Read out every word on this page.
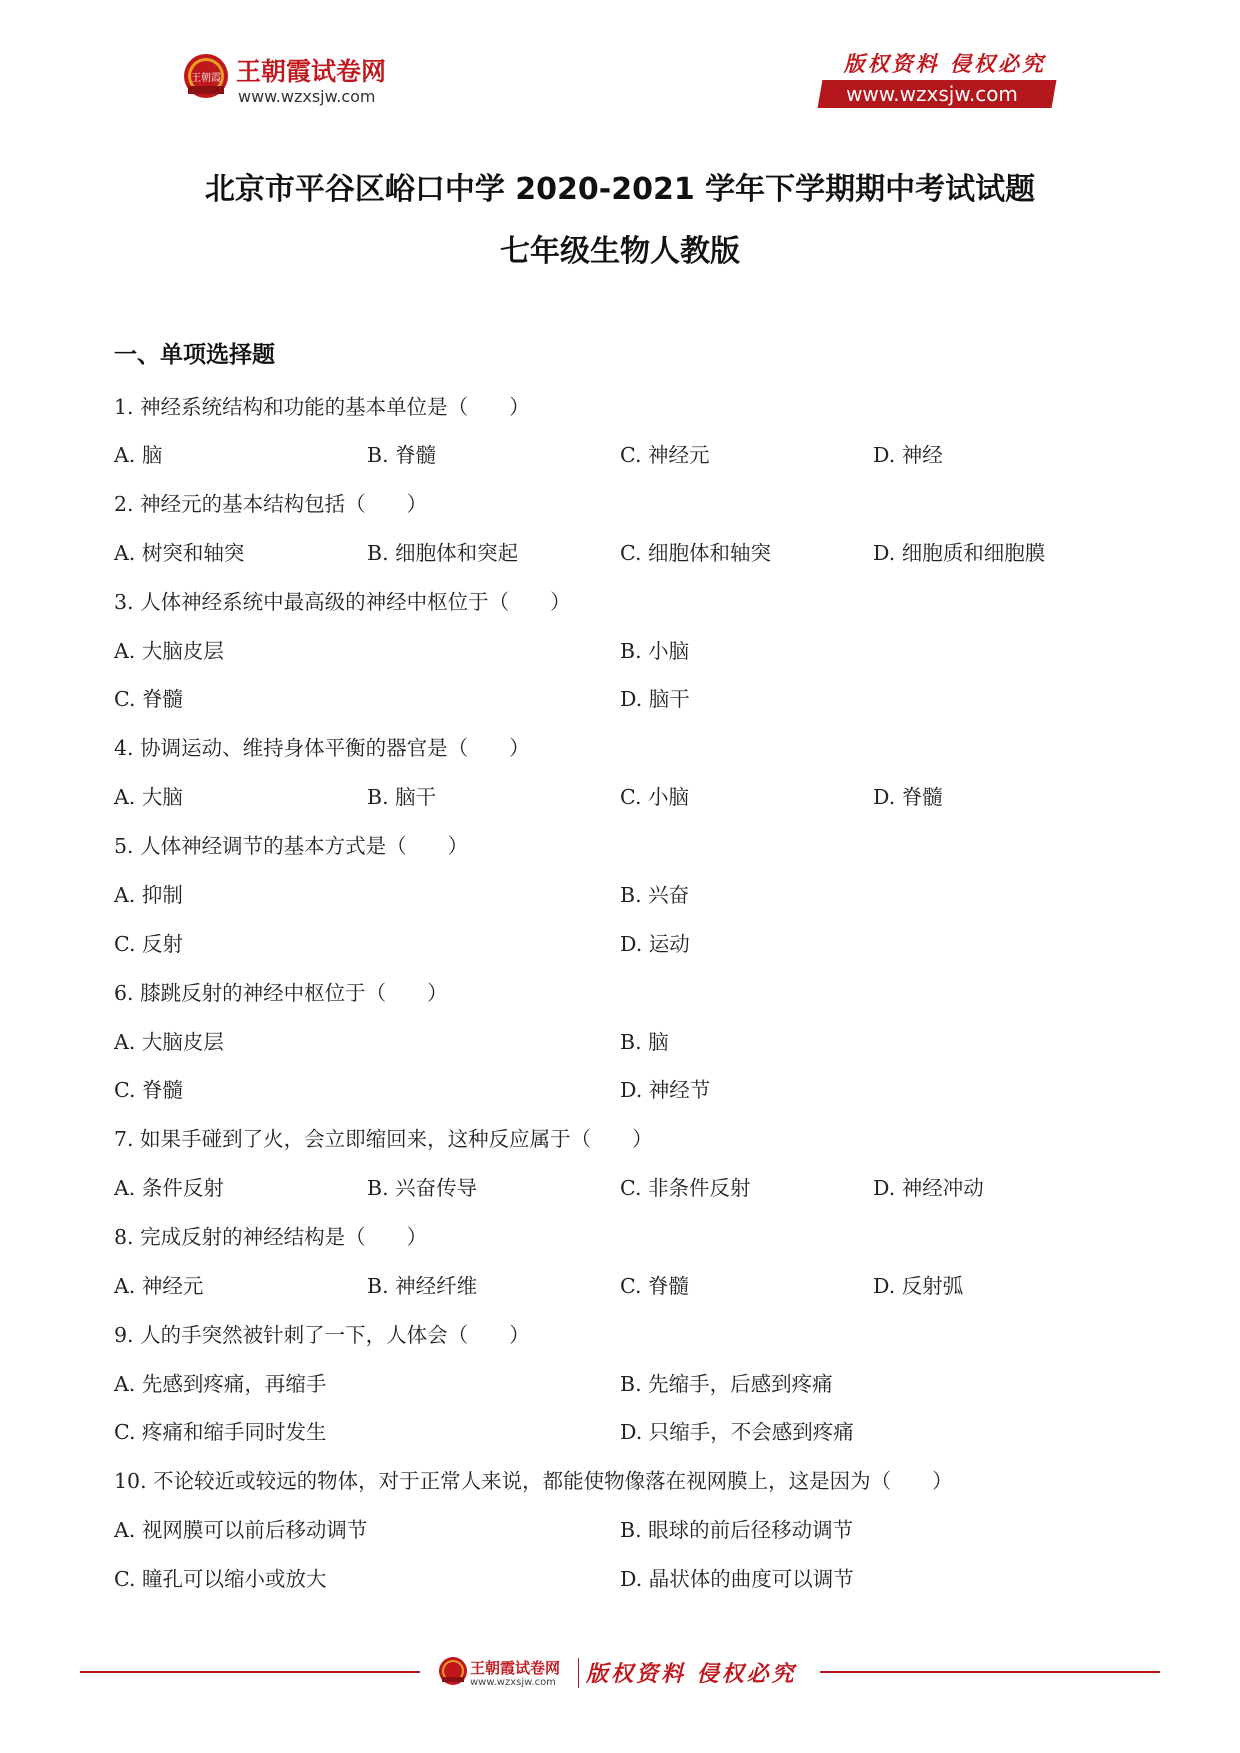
王朝霞 王朝霞试卷网
www.wzxsjw.com
版权资料 侵权必究
www.wzxsjw.com
北京市平谷区峪口中学 2020-2021 学年下学期期中考试试题
七年级生物人教版
一、单项选择题
1. 神经系统结构和功能的基本单位是（　　）
A. 脑	B. 脊髓	C. 神经元	D. 神经
2. 神经元的基本结构包括（　　）
A. 树突和轴突	B. 细胞体和突起	C. 细胞体和轴突	D. 细胞质和细胞膜
3. 人体神经系统中最高级的神经中枢位于（　　）
A. 大脑皮层	B. 小脑
C. 脊髓	D. 脑干
4. 协调运动、维持身体平衡的器官是（　　）
A. 大脑	B. 脑干	C. 小脑	D. 脊髓
5. 人体神经调节的基本方式是（　　）
A. 抑制	B. 兴奋
C. 反射	D. 运动
6. 膝跳反射的神经中枢位于（　　）
A. 大脑皮层	B. 脑
C. 脊髓	D. 神经节
7. 如果手碰到了火，会立即缩回来，这种反应属于（　　）
A. 条件反射	B. 兴奋传导	C. 非条件反射	D. 神经冲动
8. 完成反射的神经结构是（　　）
A. 神经元	B. 神经纤维	C. 脊髓	D. 反射弧
9. 人的手突然被针刺了一下，人体会（　　）
A. 先感到疼痛，再缩手	B. 先缩手，后感到疼痛
C. 疼痛和缩手同时发生	D. 只缩手，不会感到疼痛
10. 不论较近或较远的物体，对于正常人来说，都能使物像落在视网膜上，这是因为（　　）
A. 视网膜可以前后移动调节	B. 眼球的前后径移动调节
C. 瞳孔可以缩小或放大	D. 晶状体的曲度可以调节
王朝霞试卷网
www.wzxsjw.com 版权资料 侵权必究
